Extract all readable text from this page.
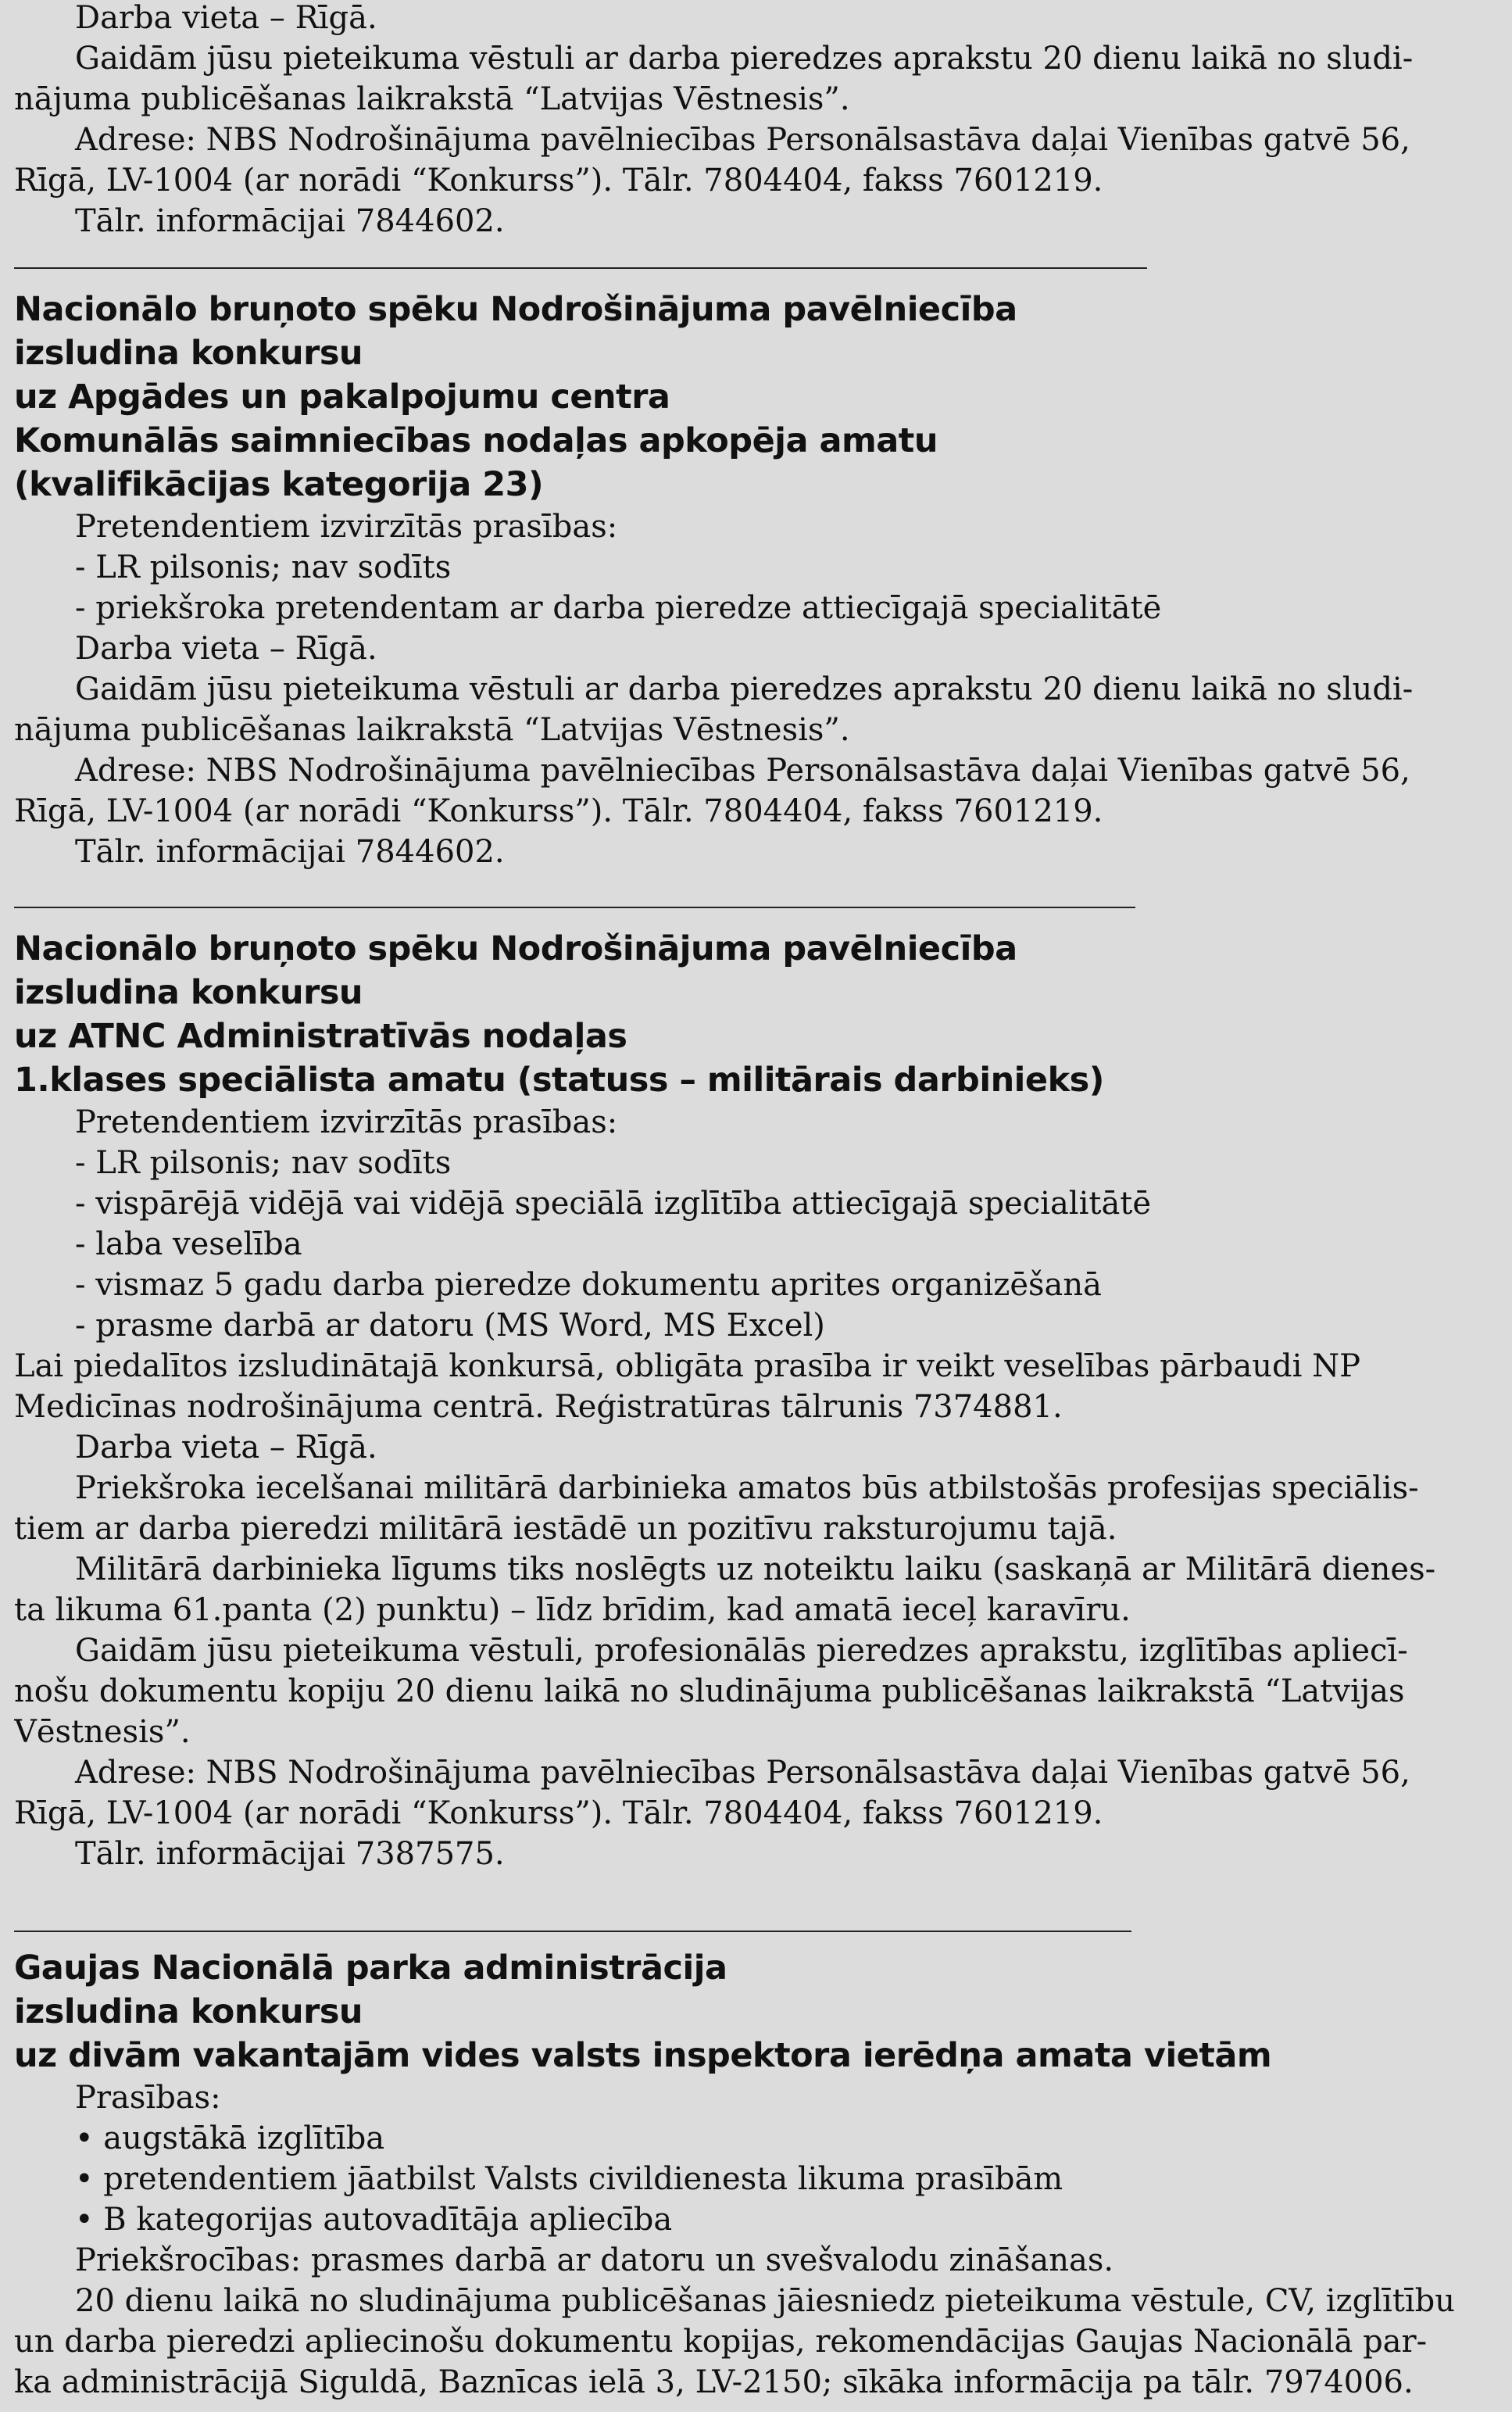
Darba vieta – Rīgā.
Gaidām jūsu pieteikuma vēstuli ar darba pieredzes aprakstu 20 dienu laikā no sludi-
nājuma publicēšanas laikrakstā “Latvijas Vēstnesis”.
Adrese: NBS Nodrošinājuma pavēlniecības Personālsastāva daļai Vienības gatvē 56,
Rīgā, LV-1004 (ar norādi “Konkurss”). Tālr. 7804404, fakss 7601219.
Tālr. informācijai 7844602.
Nacionālo bruņoto spēku Nodrošinājuma pavēlniecība
izsludina konkursu
uz Apgādes un pakalpojumu centra
Komunālās saimniecības nodaļas apkopēja amatu
(kvalifikācijas kategorija 23)
Pretendentiem izvirzītās prasības:
- LR pilsonis; nav sodīts
- priekšroka pretendentam ar darba pieredze attiecīgajā specialitātē
Darba vieta – Rīgā.
Gaidām jūsu pieteikuma vēstuli ar darba pieredzes aprakstu 20 dienu laikā no sludi-
nājuma publicēšanas laikrakstā “Latvijas Vēstnesis”.
Adrese: NBS Nodrošinājuma pavēlniecības Personālsastāva daļai Vienības gatvē 56,
Rīgā, LV-1004 (ar norādi “Konkurss”). Tālr. 7804404, fakss 7601219.
Tālr. informācijai 7844602.
Nacionālo bruņoto spēku Nodrošinājuma pavēlniecība
izsludina konkursu
uz ATNC Administratīvās nodaļas
1.klases speciālista amatu (statuss – militārais darbinieks)
Pretendentiem izvirzītās prasības:
- LR pilsonis; nav sodīts
- vispārējā vidējā vai vidējā speciālā izglītība attiecīgajā specialitātē
- laba veselība
- vismaz 5 gadu darba pieredze dokumentu aprites organizēšanā
- prasme darbā ar datoru (MS Word, MS Excel)
Lai piedalītos izsludinātajā konkursā, obligāta prasība ir veikt veselības pārbaudi NP
Medicīnas nodrošinājuma centrā. Reģistratūras tālrunis 7374881.
Darba vieta – Rīgā.
Priekšroka iecelšanai militārā darbinieka amatos būs atbilstošās profesijas speciālis-
tiem ar darba pieredzi militārā iestādē un pozitīvu raksturojumu tajā.
Militārā darbinieka līgums tiks noslēgts uz noteiktu laiku (saskaņā ar Militārā dienes-
ta likuma 61.panta (2) punktu) – līdz brīdim, kad amatā ieceļ karavīru.
Gaidām jūsu pieteikuma vēstuli, profesionālās pieredzes aprakstu, izglītības apliecī-
nošu dokumentu kopiju 20 dienu laikā no sludinājuma publicēšanas laikrakstā “Latvijas
Vēstnesis”.
Adrese: NBS Nodrošinājuma pavēlniecības Personālsastāva daļai Vienības gatvē 56,
Rīgā, LV-1004 (ar norādi “Konkurss”). Tālr. 7804404, fakss 7601219.
Tālr. informācijai 7387575.
Gaujas Nacionālā parka administrācija
izsludina konkursu
uz divām vakantajām vides valsts inspektora ierēdņa amata vietām
Prasības:
• augstākā izglītība
• pretendentiem jāatbilst Valsts civildienesta likuma prasībām
• B kategorijas autovadītāja apliecība
Priekšrocības: prasmes darbā ar datoru un svešvalodu zināšanas.
20 dienu laikā no sludinājuma publicēšanas jāiesniedz pieteikuma vēstule, CV, izglītību
un darba pieredzi apliecinošu dokumentu kopijas, rekomendācijas Gaujas Nacionālā par-
ka administrācijā Siguldā, Baznīcas ielā 3, LV-2150; sīkāka informācija pa tālr. 7974006.
